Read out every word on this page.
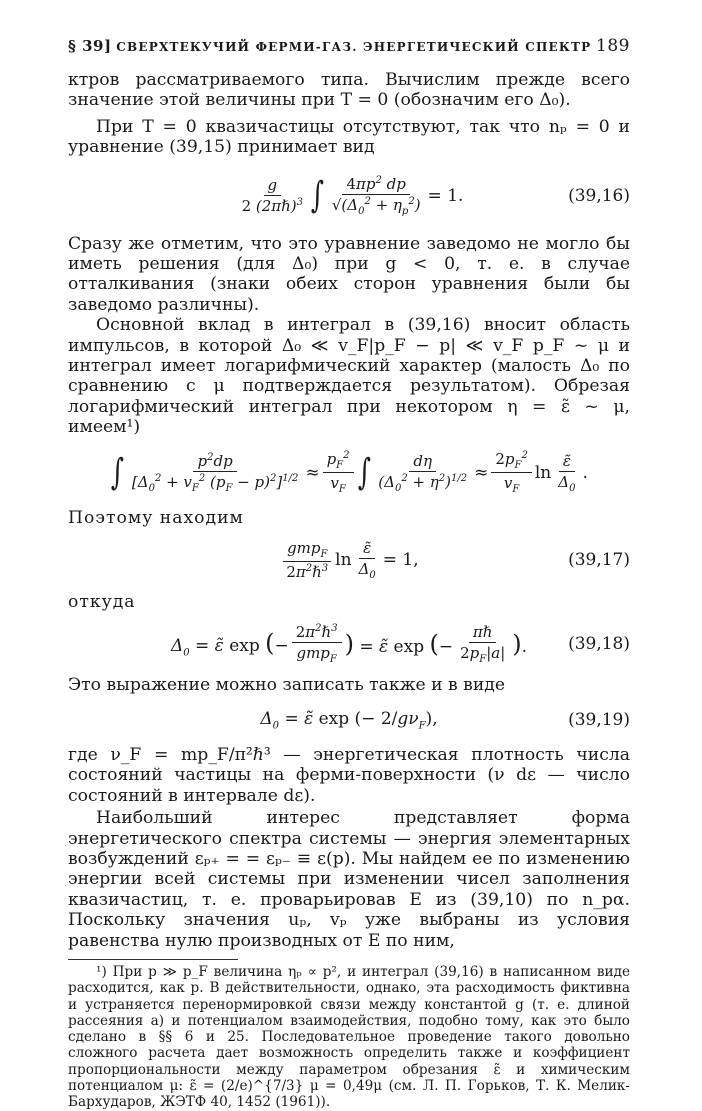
§ 39] СВЕРХТЕКУЧИЙ ФЕРМИ-ГАЗ. ЭНЕРГЕТИЧЕСКИЙ СПЕКТР 189

ктров рассматриваемого типа. Вычислим прежде всего значение этой величины при T = 0 (обозначим его Δ₀).

При T = 0 квазичастицы отсутствуют, так что nₚ = 0 и уравнение (39,15) принимает вид

$\frac{g}{2 (2\pi\hbar)^3}$ ∫ $\frac{4\pi p^2 dp}{√(\Delta_0^2 + \eta_p^2)} = 1$.	(39,16)

Сразу же отметим, что это уравнение заведомо не могло бы иметь решения (для Δ₀) при g < 0, т. е. в случае отталкивания (знаки обеих сторон уравнения были бы заведомо различны).

Основной вклад в интеграл в (39,16) вносит область импульсов, в которой Δ₀ ≪ v_F|p_F − p| ≪ v_F p_F ~ μ и интеграл имеет логарифмический характер (малость Δ₀ по сравнению с μ подтверждается результатом). Обрезая логарифмический интеграл при некотором η = ε̃ ~ μ, имеем¹)

∫ $\frac{p^2dp}{[\Delta_0^2 + v_F^2 (p_F - p)^2]^{1/2}} \approx \frac{p_F^2}{v_F}$ ∫ $\frac{d\eta}{(\Delta_0^2 + \eta^2)^{1/2}} \approx \frac{2p_F^2}{v_F}$ $\ln \frac{\varepsiloñ}{\Delta_0}$ .

Поэтому находим

$\frac{gmp_F}{2\pi^2\hbar^3}$ $\ln \frac{\varepsiloñ}{\Delta_0} = 1$,	(39,17)

откуда

$\Delta_0$ = ε̃ exp (− $\frac{2\pi^2\hbar^3}{gmp_F}$ ) = ε̃ exp (− $\frac{\text{πℏ}}{2p_F|a|}$ ). (39,18)

Это выражение можно записать также и в виде

$\Delta_0$ = ε̃ exp (− $2/g\nu_F$),	(39,19)

где ν_F = mp_F/π²ℏ³ — энергетическая плотность числа состояний частицы на ферми-поверхности (ν dε — число состояний в интервале dε).

Наибольший интерес представляет форма энергетического спектра системы — энергия элементарных возбуждений εₚ₊ = = εₚ₋ ≡ ε(p). Мы найдем ее по изменению энергии всей системы при изменении чисел заполнения квазичастиц, т. е. проварьировав E из (39,10) по n_pα. Поскольку значения uₚ, vₚ уже выбраны из условия равенства нулю производных от E по ним,

¹) При p ≫ p_F величина ηₚ ∝ p², и интеграл (39,16) в написанном виде расходится, как p. В действительности, однако, эта расходимость фиктивна и устраняется перенормировкой связи между константой g (т. е. длиной рассеяния a) и потенциалом взаимодействия, подобно тому, как это было сделано в §§ 6 и 25. Последовательное проведение такого довольно сложного расчета дает возможность определить также и коэффициент пропорциональности между параметром обрезания ε̃ и химическим потенциалом μ: ε̃ = (2/e)^{7/3} μ = 0,49μ (см. Л. П. Горьков, Т. К. Мелик-Бархударов, ЖЭТФ 40, 1452 (1961)).
